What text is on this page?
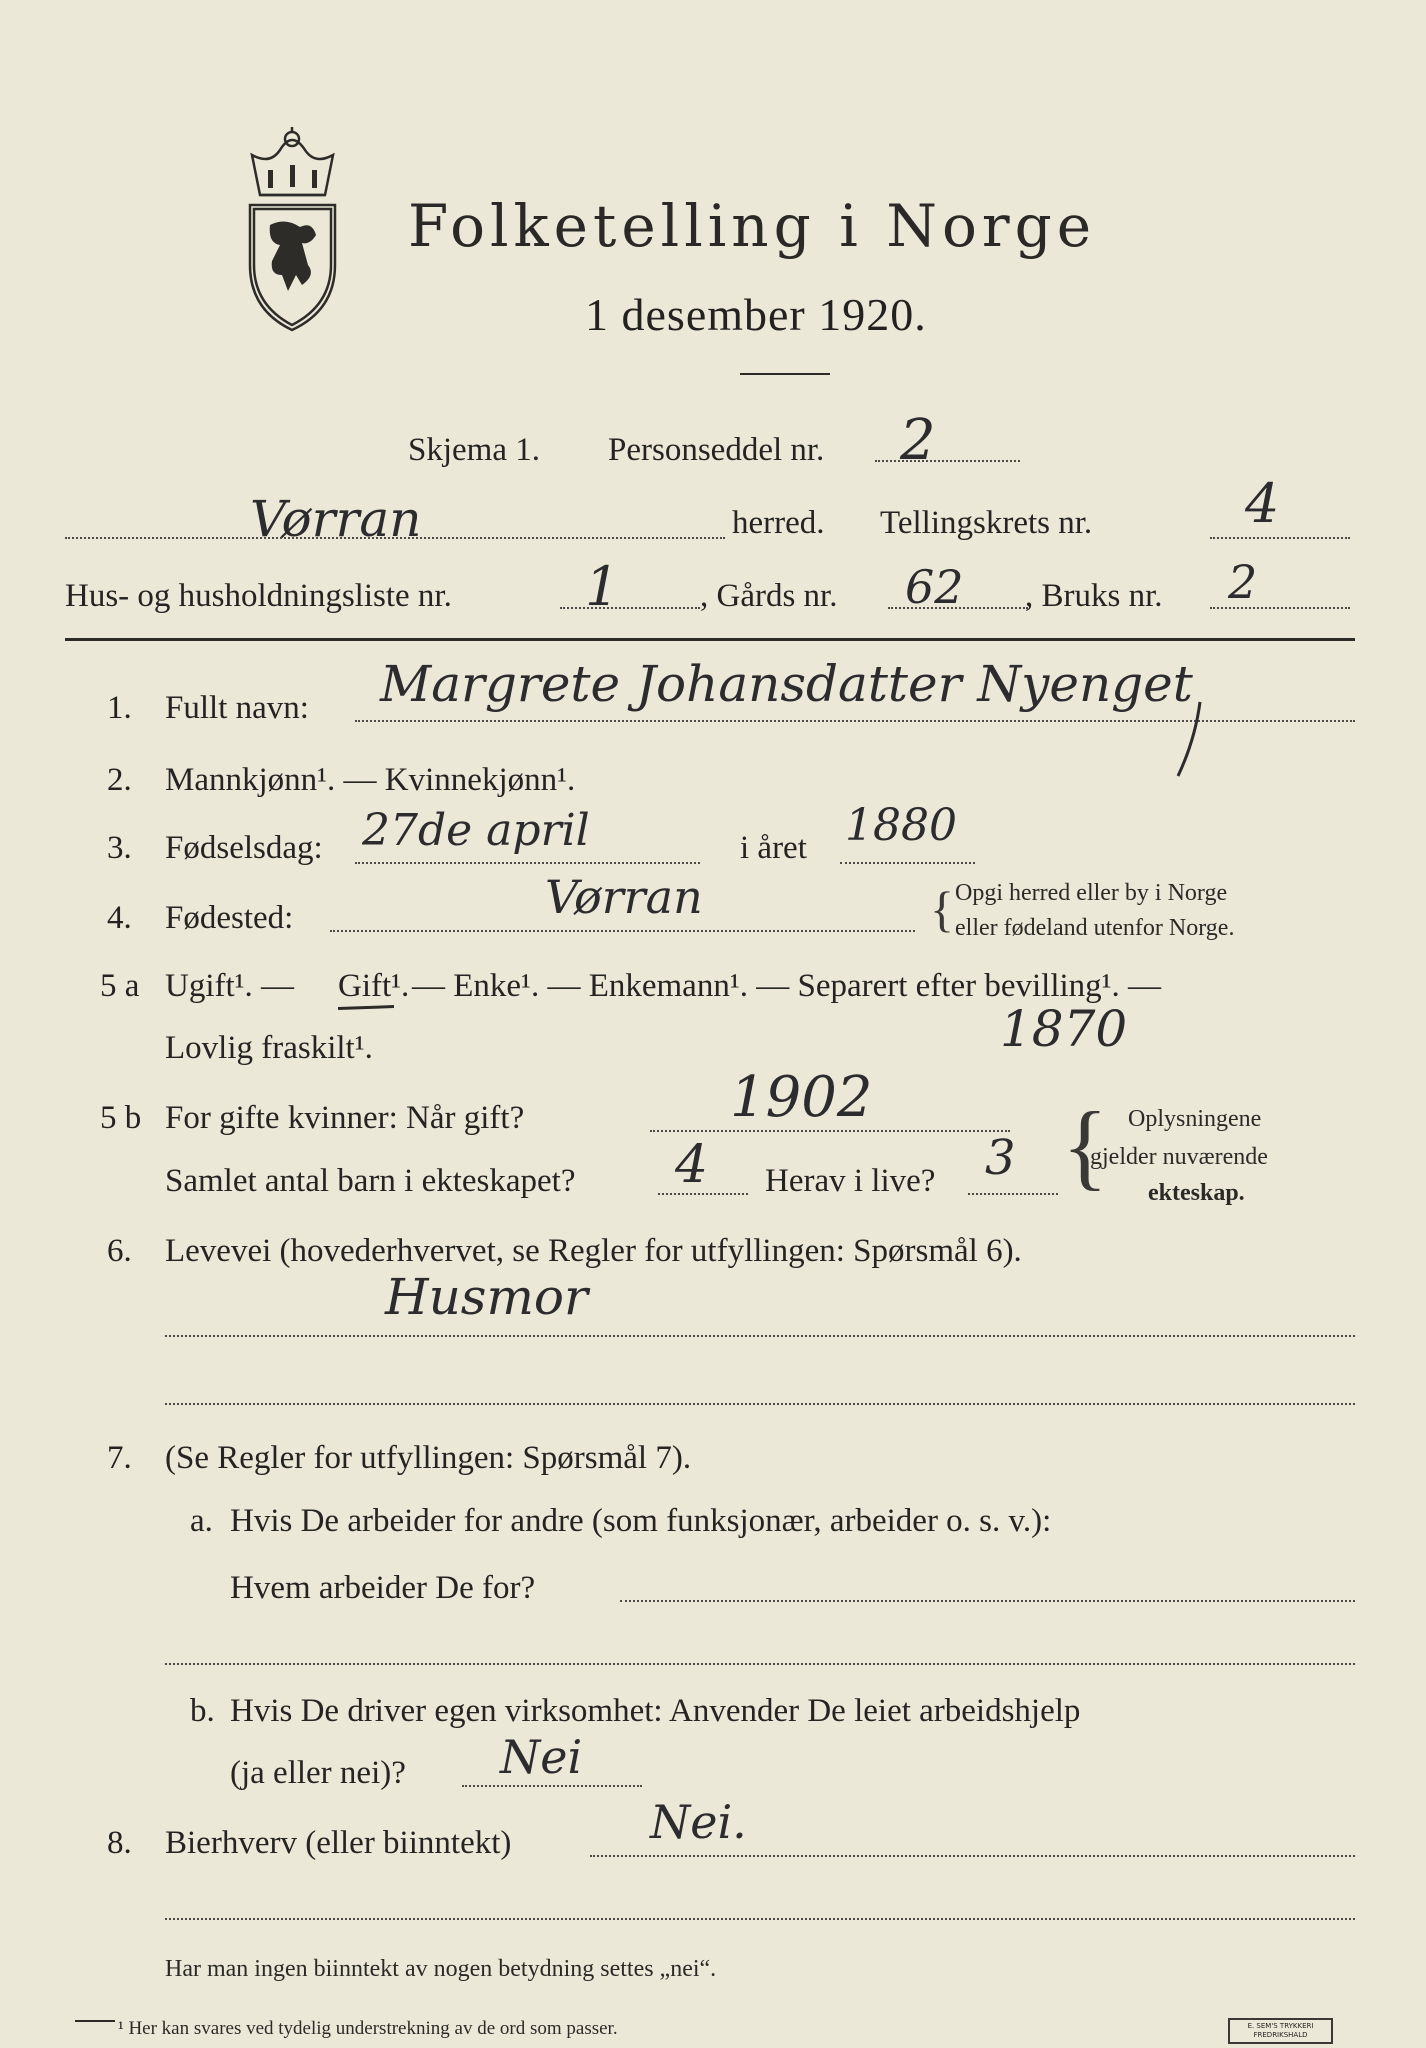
Folketelling i Norge
1 desember 1920.
Skjema 1. Personseddel nr. 2
Vørran	herred. Tellingskrets nr.	4
Hus- og husholdningsliste nr. 1 , Gårds nr. 62 , Bruks nr. 2
1. Fullt navn: Margrete Johansdatter Nyenget
2. Mannkjønn¹. — Kvinnekjønn¹.
3. Fødselsdag: 27de april	i året 1880
4. Fødested:	Vørran	{ Opgi herred eller by i Norge
eller fødeland utenfor Norge.
5 a Ugift¹. — Gift¹. — Enke¹. — Enkemann¹. — Separert efter bevilling¹. —
Lovlig fraskilt¹.	1870
5 b For gifte kvinner: Når gift?	1902
Samlet antal barn i ekteskapet? 4 Herav i live? 3 { Oplysningene
gjelder nuværende
ekteskap.
6. Levevei (hovederhvervet, se Regler for utfyllingen: Spørsmål 6).
Husmor
7. (Se Regler for utfyllingen: Spørsmål 7).
a. Hvis De arbeider for andre (som funksjonær, arbeider o. s. v.):
Hvem arbeider De for?
b. Hvis De driver egen virksomhet: Anvender De leiet arbeidshjelp
(ja eller nei)? Nei
8. Bierhverv (eller biinntekt)	Nei.
Har man ingen biinntekt av nogen betydning settes „nei“.
¹ Her kan svares ved tydelig understrekning av de ord som passer.	E. SEM'S TRYKKERI FREDRIKSHALD
